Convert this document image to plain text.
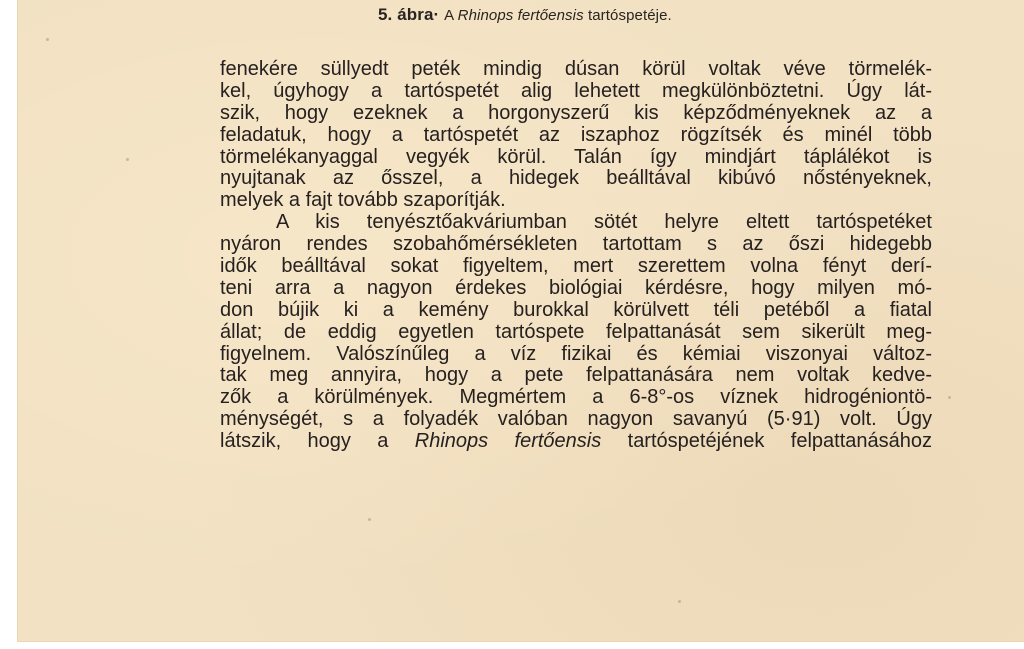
5. ábra· A Rhinops fertőensis tartóspetéje.
fenekére süllyedt peték mindig dúsan körül voltak véve törmelék-
kel, úgyhogy a tartóspetét alig lehetett megkülönböztetni. Úgy lát-
szik, hogy ezeknek a horgonyszerű kis képződményeknek az a
feladatuk, hogy a tartóspetét az iszaphoz rögzítsék és minél több
törmelékanyaggal vegyék körül. Talán így mindjárt táplálékot is
nyujtanak az ősszel, a hidegek beálltával kibúvó nőstényeknek,
melyek a fajt tovább szaporítják.
A kis tenyésztőakváriumban sötét helyre eltett tartóspetéket
nyáron rendes szobahőmérsékleten tartottam s az őszi hidegebb
idők beálltával sokat figyeltem, mert szerettem volna fényt derí-
teni arra a nagyon érdekes biológiai kérdésre, hogy milyen mó-
don bújik ki a kemény burokkal körülvett téli petéből a fiatal
állat; de eddig egyetlen tartóspete felpattanását sem sikerült meg-
figyelnem. Valószínűleg a víz fizikai és kémiai viszonyai változ-
tak meg annyira, hogy a pete felpattanására nem voltak kedve-
zők a körülmények. Megmértem a 6-8°-os víznek hidrogéniontö-
ménységét, s a folyadék valóban nagyon savanyú (5·91) volt. Úgy
látszik, hogy a Rhinops fertőensis tartóspetéjének felpattanásához
